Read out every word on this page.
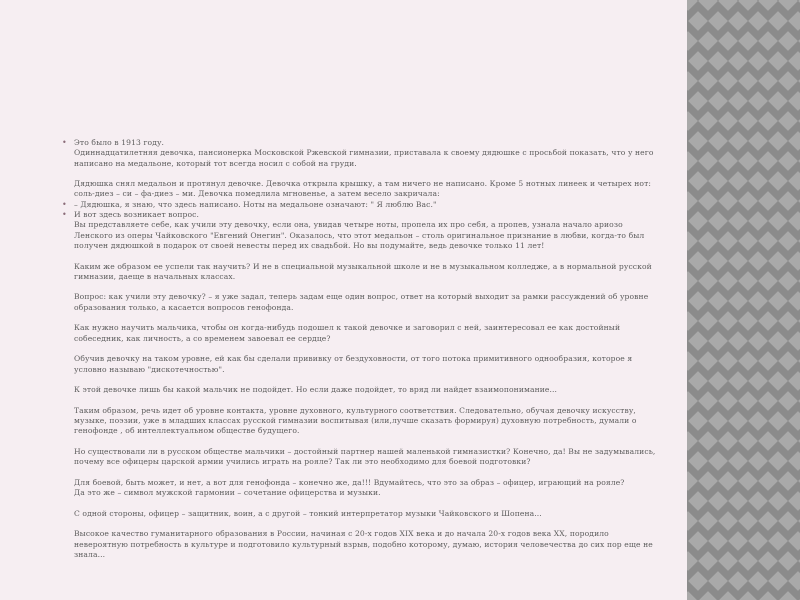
• Это было в 1913 году.
Одиннадцатилетняя девочка, пансионерка Московской Ржевской гимназии, приставала к своему дядюшке с просьбой показать, что у него
написано на медальоне, который тот всегда носил с собой на груди.
Дядюшка снял медальон и протянул девочке. Девочка открыла крышку, а там ничего не написано. Кроме 5 нотных линеек и четырех нот:
соль-диез – си – фа-диез – ми. Девочка помедлила мгновенье, а затем весело закричала:
• – Дядюшка, я знаю, что здесь написано. Ноты на медальоне означают: " Я люблю Вас."
• И вот здесь возникает вопрос.
Вы представляете себе, как учили эту девочку, если она, увидав четыре ноты, пропела их про себя, а пропев, узнала начало ариозо
Ленского из оперы Чайковского "Евгений Онегин". Оказалось, что этот медальон – столь оригинальное признание в любви, когда-то был
получен дядюшкой в подарок от своей невесты перед их свадьбой. Но вы подумайте, ведь девочке только 11 лет!
Каким же образом ее успели так научить? И не в специальной музыкальной школе и не в музыкальном колледже, а в нормальной русской
гимназии, даеще в начальных классах.
Вопрос: как учили эту девочку? – я уже задал, теперь задам еще один вопрос, ответ на который выходит за рамки рассуждений об уровне
образования только, а касается вопросов генофонда.
Как нужно научить мальчика, чтобы он когда-нибудь подошел к такой девочке и заговорил с ней, заинтересовал ее как достойный
собеседник, как личность, а со временем завоевал ее сердце?
Обучив девочку на таком уровне, ей как бы сделали прививку от бездуховности, от того потока примитивного однообразия, которое я
условно называю "дискотечностью".
К этой девочке лишь бы какой мальчик не подойдет. Но если даже подойдет, то вряд ли найдет взаимопонимание...
Таким образом, речь идет об уровне контакта, уровне духовного, культурного соответствия. Следовательно, обучая девочку искусству,
музыке, поэзии, уже в младших классах русской гимназии воспитывая (или,лучше сказать формируя) духовную потребность, думали о
генофонде , об интеллектуальном обществе будущего.
Но существовали ли в русском обществе мальчики – достойный партнер нашей маленькой гимназистки? Конечно, да! Вы не задумывались,
почему все офицеры царской армии учились играть на рояле? Так ли это необходимо для боевой подготовки?
Для боевой, быть может, и нет, а вот для генофонда – конечно же, да!!! Вдумайтесь, что это за образ – офицер, играющий на рояле?
Да это же – символ мужской гармонии – сочетание офицерства и музыки.
С одной стороны, офицер – защитник, воин, а с другой – тонкий интерпретатор музыки Чайковского и Шопена...
Высокое качество гуманитарного образования в России, начиная с 20-х годов XIX века и до начала 20-х годов века XX, породило
невероятную потребность в культуре и подготовило культурный взрыв, подобно которому, думаю, история человечества до сих пор еще не
знала...
